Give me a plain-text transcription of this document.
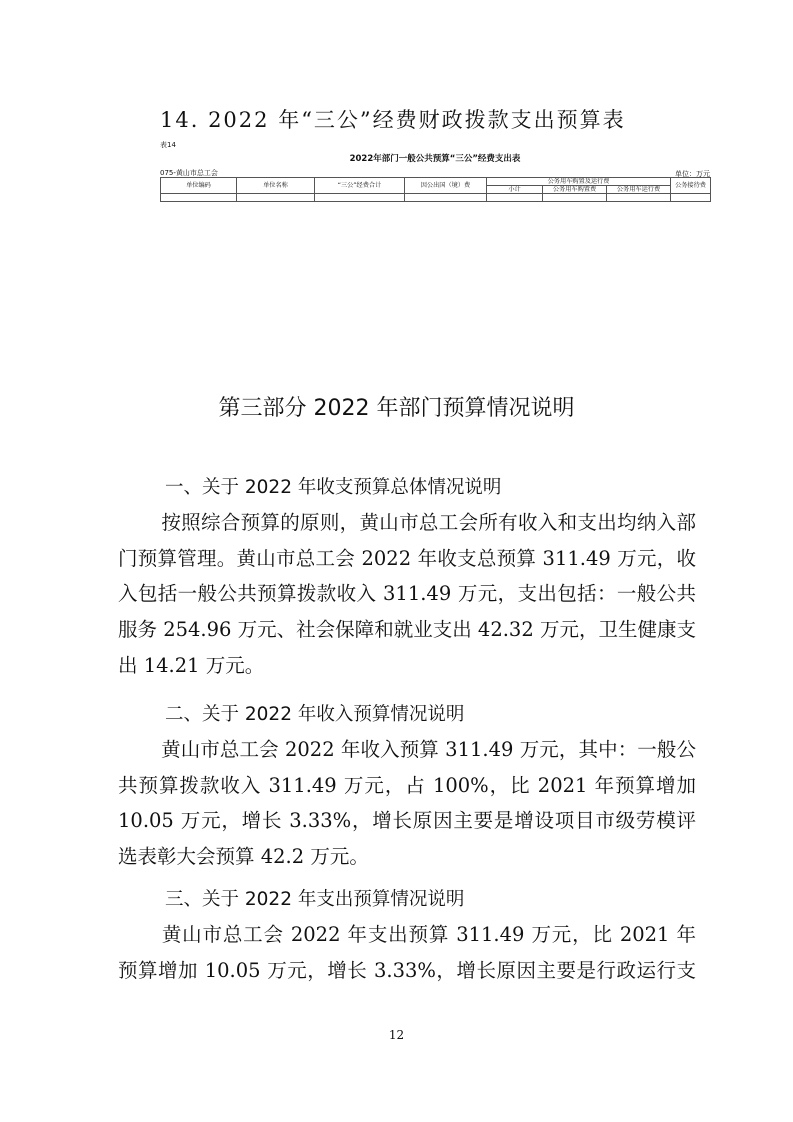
14. 2022 年“三公”经费财政拨款支出预算表
表14
2022年部门一般公共预算“三公”经费支出表
075-黄山市总工会	单位：万元
单位编码	单位名称	“三公”经费合计	因公出国（境）费	公务用车购置及运行费			公务接待费
				小计	公务用车购置费	公务用车运行费	

第三部分 2022 年部门预算情况说明
一、关于 2022 年收支预算总体情况说明
按照综合预算的原则，黄山市总工会所有收入和支出均纳入部门预算管理。黄山市总工会 2022 年收支总预算 311.49 万元，收入包括一般公共预算拨款收入 311.49 万元，支出包括：一般公共服务 254.96 万元、社会保障和就业支出 42.32 万元，卫生健康支出 14.21 万元。
二、关于 2022 年收入预算情况说明
黄山市总工会 2022 年收入预算 311.49 万元，其中：一般公共预算拨款收入 311.49 万元，占 100%，比 2021 年预算增加 10.05 万元，增长 3.33%，增长原因主要是增设项目市级劳模评选表彰大会预算 42.2 万元。
三、关于 2022 年支出预算情况说明
黄山市总工会 2022 年支出预算 311.49 万元，比 2021 年预算增加 10.05 万元，增长 3.33%，增长原因主要是行政运行支
12
